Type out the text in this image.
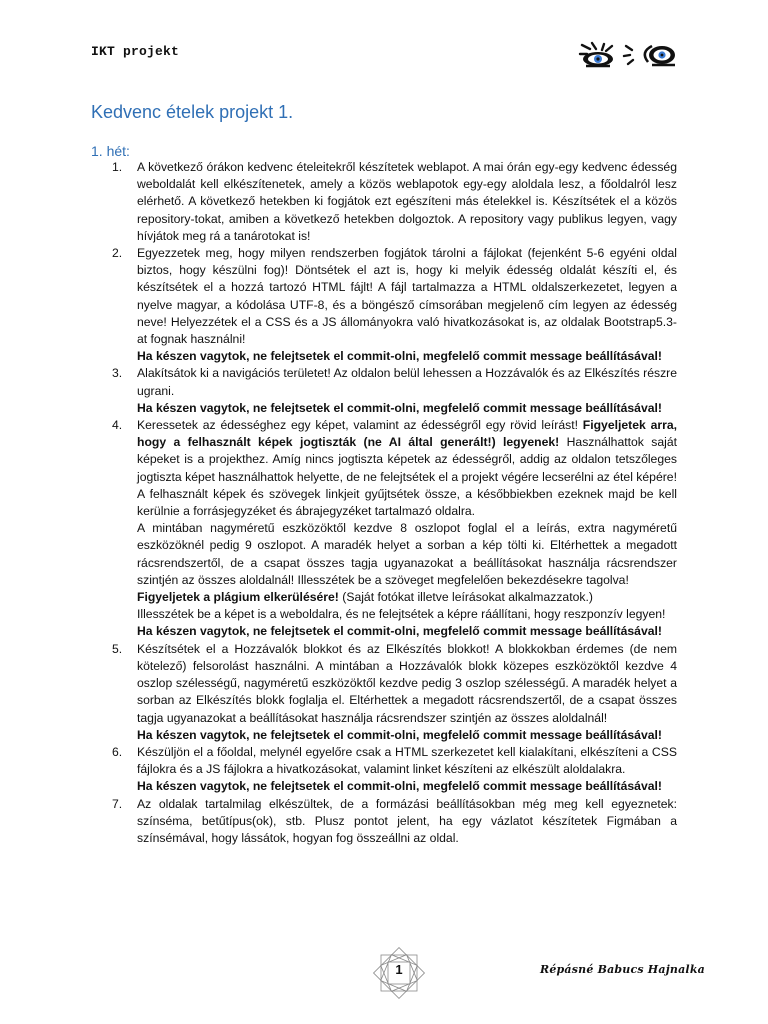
IKT projekt
Kedvenc ételek projekt 1.
1. hét:
1. A következő órákon kedvenc ételeitekről készítetek weblapot. A mai órán egy-egy kedvenc édesség weboldalát kell elkészítenetek, amely a közös weblapotok egy-egy aloldala lesz, a főoldalról lesz elérhető. A következő hetekben ki fogjátok ezt egészíteni más ételekkel is. Készítsétek el a közös repository-tokat, amiben a következő hetekben dolgoztok. A repository vagy publikus legyen, vagy hívjátok meg rá a tanárotokat is!

2. Egyezzetek meg, hogy milyen rendszerben fogjátok tárolni a fájlokat (fejenként 5-6 egyéni oldal biztos, hogy készülni fog)! Döntsétek el azt is, hogy ki melyik édesség oldalát készíti el, és készítsétek el a hozzá tartozó HTML fájlt! A fájl tartalmazza a HTML oldalszerkezetet, legyen a nyelve magyar, a kódolása UTF-8, és a böngésző címsorában megjelenő cím legyen az édesség neve! Helyezzétek el a CSS és a JS állományokra való hivatkozásokat is, az oldalak Bootstrap5.3-at fognak használni!

Ha készen vagytok, ne felejtsetek el commit-olni, megfelelő commit message beállításával!

3. Alakítsátok ki a navigációs területet! Az oldalon belül lehessen a Hozzávalók és az Elkészítés részre ugrani.

Ha készen vagytok, ne felejtsetek el commit-olni, megfelelő commit message beállításával!

4. Keressetek az édességhez egy képet, valamint az édességről egy rövid leírást! Figyeljetek arra, hogy a felhasznált képek jogtiszták (ne AI által generált!) legyenek! Használhattok saját képeket is a projekthez. Amíg nincs jogtiszta képetek az édességről, addig az oldalon tetszőleges jogtiszta képet használhattok helyette, de ne felejtsétek el a projekt végére lecserélni az étel képére!

A felhasznált képek és szövegek linkjeit gyűjtsétek össze, a későbbiekben ezeknek majd be kell kerülnie a forrásjegyzéket és ábrajegyzéket tartalmazó oldalra.

A mintában nagyméretű eszközöktől kezdve 8 oszlopot foglal el a leírás, extra nagyméretű eszközöknél pedig 9 oszlopot. A maradék helyet a sorban a kép tölti ki. Eltérhettek a megadott rácsrendszertől, de a csapat összes tagja ugyanazokat a beállításokat használja rácsrendszer szintjén az összes aloldalnál! Illesszétek be a szöveget megfelelően bekezdésekre tagolva!

Figyeljetek a plágium elkerülésére! (Saját fotókat illetve leírásokat alkalmazzatok.)

Illesszétek be a képet is a weboldalra, és ne felejtsétek a képre ráállítani, hogy reszponzív legyen!

Ha készen vagytok, ne felejtsetek el commit-olni, megfelelő commit message beállításával!

5. Készítsétek el a Hozzávalók blokkot és az Elkészítés blokkot! A blokkokban érdemes (de nem kötelező) felsorolást használni. A mintában a Hozzávalók blokk közepes eszközöktől kezdve 4 oszlop szélességű, nagyméretű eszközöktől kezdve pedig 3 oszlop szélességű. A maradék helyet a sorban az Elkészítés blokk foglalja el. Eltérhettek a megadott rácsrendszertől, de a csapat összes tagja ugyanazokat a beállításokat használja rácsrendszer szintjén az összes aloldalnál!

Ha készen vagytok, ne felejtsetek el commit-olni, megfelelő commit message beállításával!

6. Készüljön el a főoldal, melynél egyelőre csak a HTML szerkezetet kell kialakítani, elkészíteni a CSS fájlokra és a JS fájlokra a hivatkozásokat, valamint linket készíteni az elkészült aloldalakra.

Ha készen vagytok, ne felejtsetek el commit-olni, megfelelő commit message beállításával!

7. Az oldalak tartalmilag elkészültek, de a formázási beállításokban még meg kell egyeznetek: színséma, betűtípus(ok), stb. Plusz pontot jelent, ha egy vázlatot készítetek Figmában a színsémával, hogy lássátok, hogyan fog összeállni az oldal.

1	Répásné Babucs Hajnalka
